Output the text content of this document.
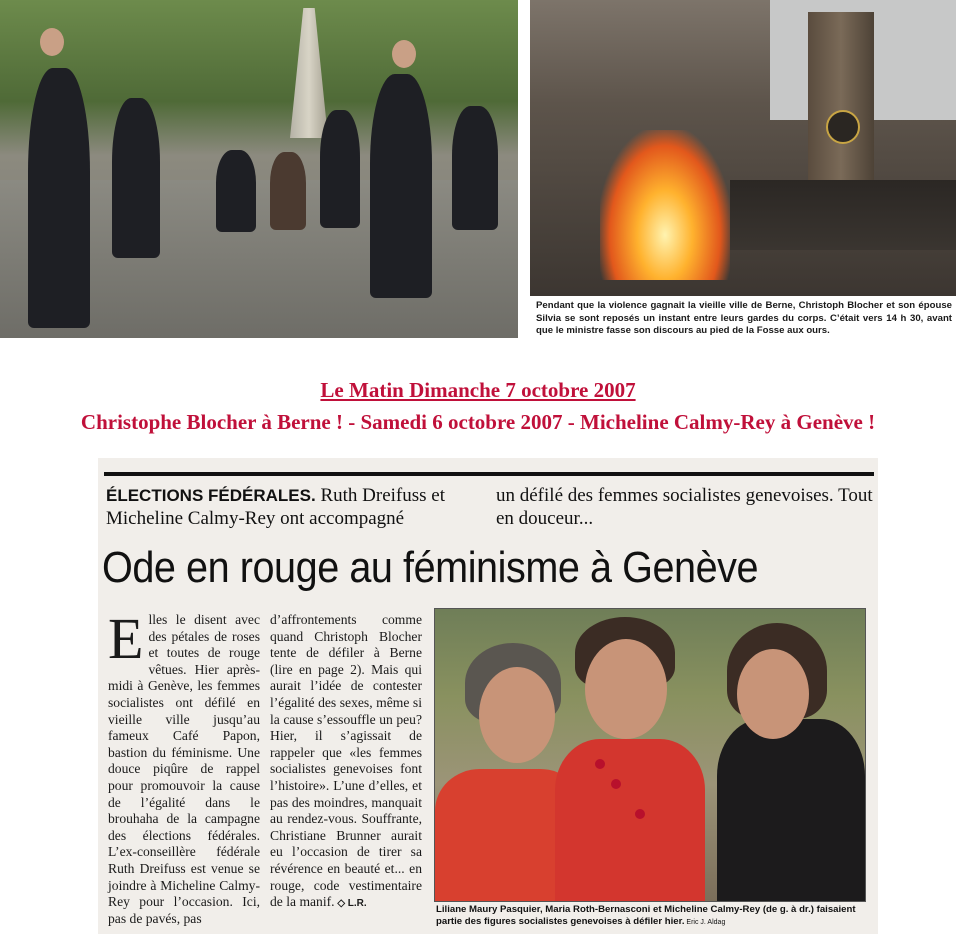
Pendant que la violence gagnait la vieille ville de Berne, Christoph Blocher et son épouse Silvia se sont reposés un instant entre leurs gardes du corps. C’était vers 14 h 30, avant que le ministre fasse son discours au pied de la Fosse aux ours.
Le Matin Dimanche 7 octobre 2007
Christophe Blocher à Berne ! - Samedi 6 octobre 2007 - Micheline Calmy-Rey à Genève !
ÉLECTIONS FÉDÉRALES. Ruth Dreifuss et Micheline Calmy-Rey ont accompagné
un défilé des femmes socialistes genevoises. Tout en douceur...
Ode en rouge au féminisme à Genève
Elles le disent avec des pétales de roses et toutes de rouge vêtues. Hier après-midi à Genève, les femmes socialistes ont défilé en vieille ville jusqu’au fameux Café Papon, bastion du féminisme. Une douce piqûre de rappel pour promouvoir la cause de l’égalité dans le brouhaha de la campagne des élections fédérales. L’ex-conseillère fédérale Ruth Dreifuss est venue se joindre à Micheline Calmy-Rey pour l’occasion. Ici, pas de pavés, pas
d’affrontements comme quand Christoph Blocher tente de défiler à Berne (lire en page 2). Mais qui aurait l’idée de contester l’égalité des sexes, même si la cause s’essouffle un peu? Hier, il s’agissait de rappeler que «les femmes socialistes genevoises font l’histoire». L’une d’elles, et pas des moindres, manquait au rendez-vous. Souffrante, Christiane Brunner aurait eu l’occasion de tirer sa révérence en beauté et... en rouge, code vestimentaire de la manif. ◇ L.R.
Liliane Maury Pasquier, Maria Roth-Bernasconi et Micheline Calmy-Rey (de g. à dr.) faisaient partie des figures socialistes genevoises à défiler hier. Eric J. Aldag
